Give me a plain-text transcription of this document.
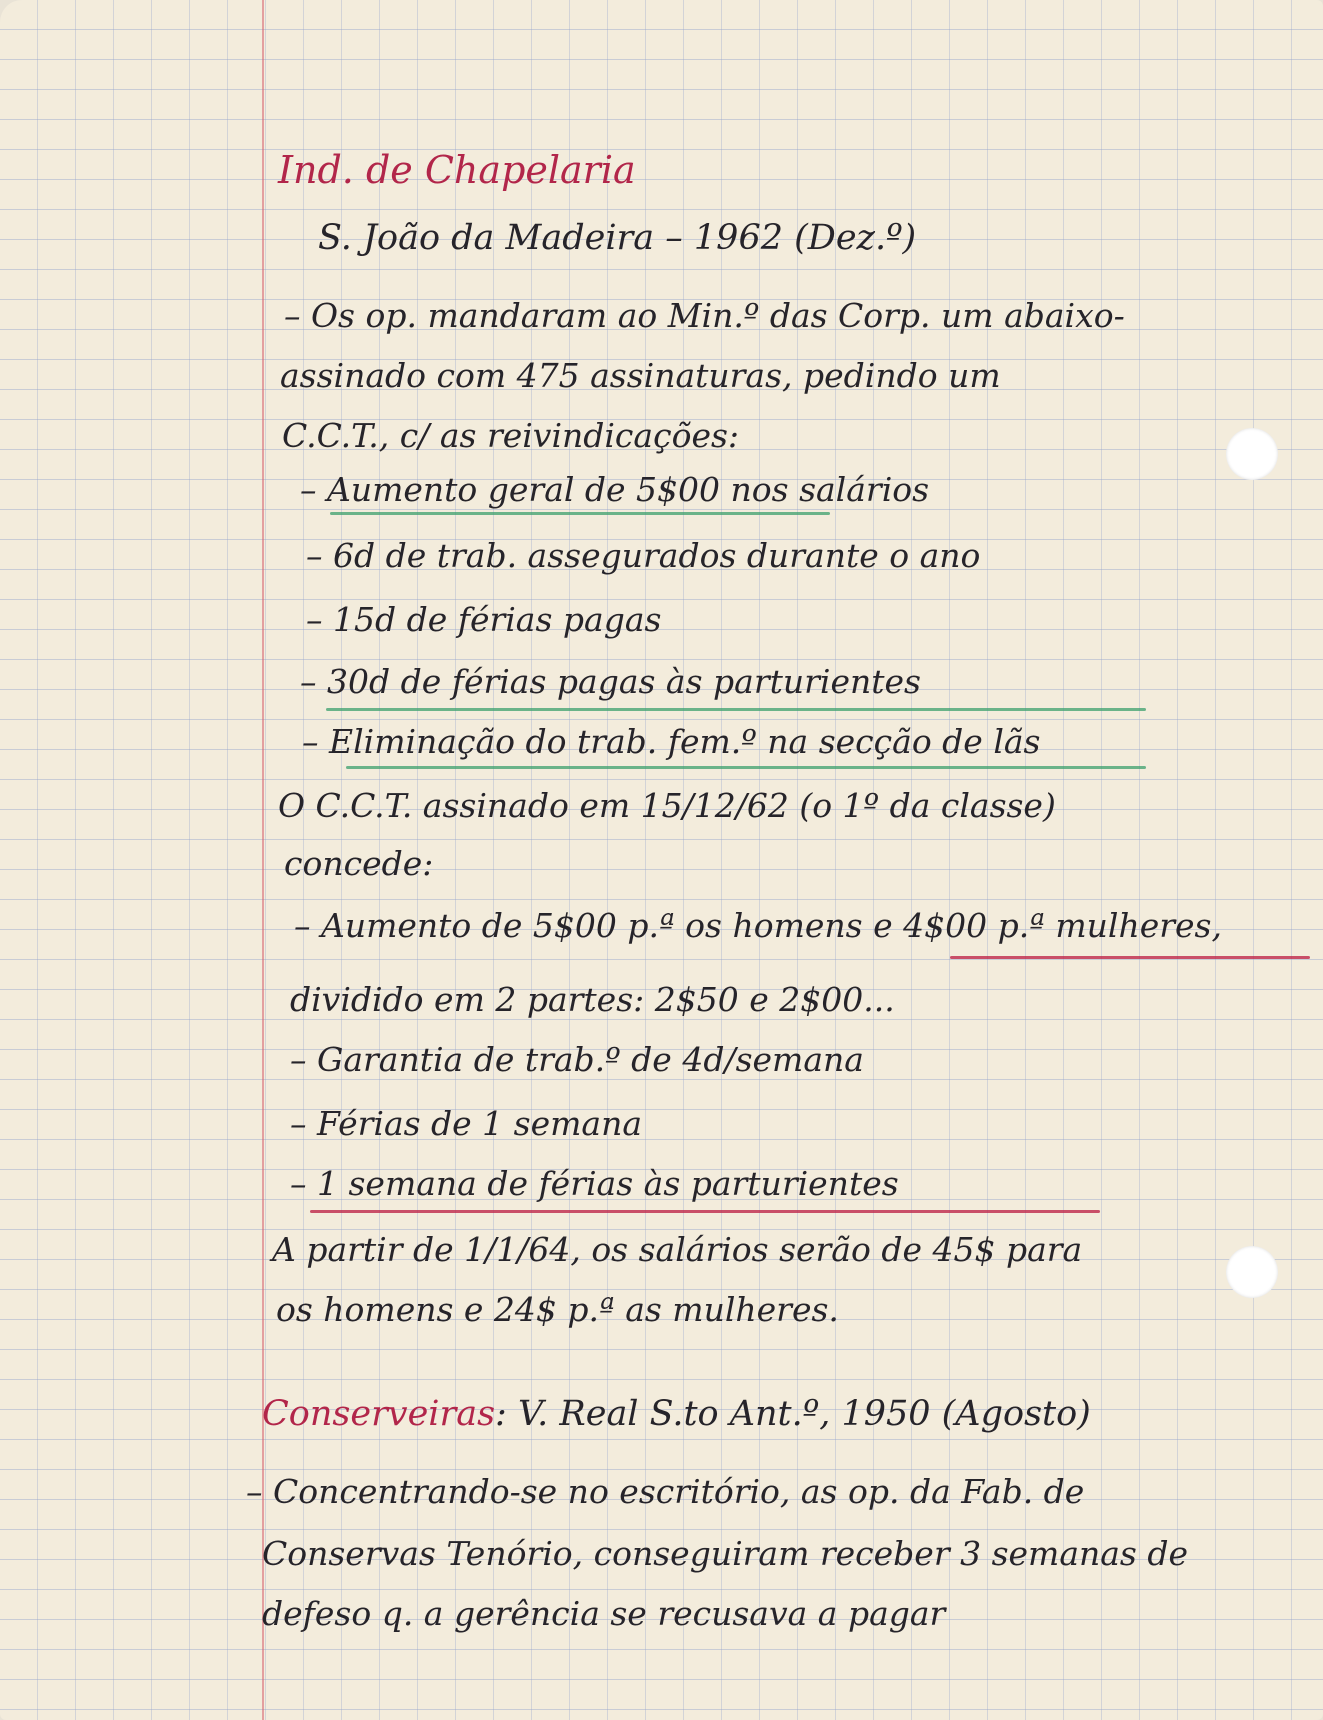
Ind. de Chapelaria
S. João da Madeira – 1962 (Dez.º)
– Os op. mandaram ao Min.º das Corp. um abaixo-
assinado com 475 assinaturas, pedindo um
C.C.T., c/ as reivindicações:
– Aumento geral de 5$00 nos salários
– 6d de trab. assegurados durante o ano
– 15d de férias pagas
– 30d de férias pagas às parturientes
– Eliminação do trab. fem.º na secção de lãs
O C.C.T. assinado em 15/12/62 (o 1º da classe)
concede:
– Aumento de 5$00 p.ª os homens e 4$00 p.ª mulheres,
dividido em 2 partes: 2$50 e 2$00...
– Garantia de trab.º de 4d/semana
– Férias de 1 semana
– 1 semana de férias às parturientes
A partir de 1/1/64, os salários serão de 45$ para
os homens e 24$ p.ª as mulheres.
Conserveiras: V. Real S.to Ant.º, 1950 (Agosto)
– Concentrando-se no escritório, as op. da Fab. de
Conservas Tenório, conseguiram receber 3 semanas de
defeso q. a gerência se recusava a pagar
